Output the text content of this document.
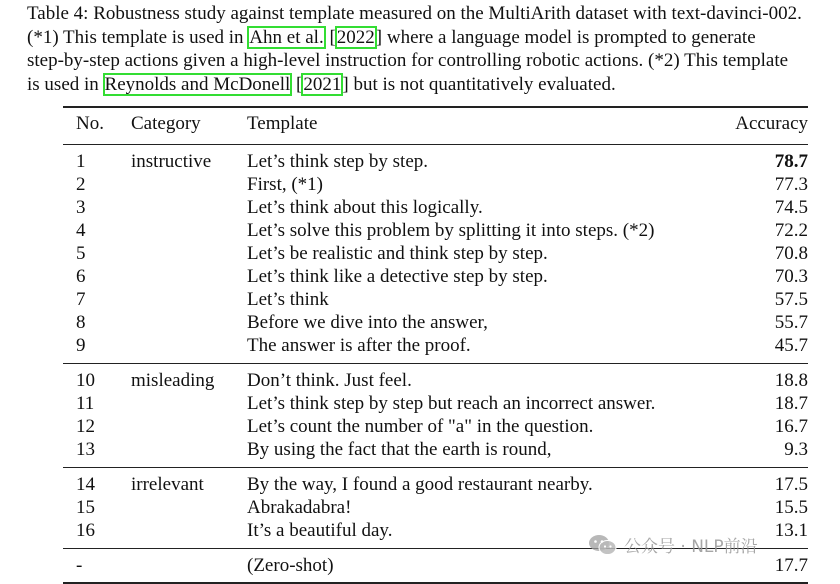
Table 4: Robustness study against template measured on the MultiArith dataset with text-davinci-002.
(*1) This template is used in Ahn et al. [2022] where a language model is prompted to generate
step-by-step actions given a high-level instruction for controlling robotic actions. (*2) This template
is used in Reynolds and McDonell [2021] but is not quantitatively evaluated.
No.	Category	Template	Accuracy
1	instructive	Let’s think step by step.	78.7
2		First, (*1)	77.3
3		Let’s think about this logically.	74.5
4		Let’s solve this problem by splitting it into steps. (*2)	72.2
5		Let’s be realistic and think step by step.	70.8
6		Let’s think like a detective step by step.	70.3
7		Let’s think	57.5
8		Before we dive into the answer,	55.7
9		The answer is after the proof.	45.7
10	misleading	Don’t think. Just feel.	18.8
11		Let’s think step by step but reach an incorrect answer.	18.7
12		Let’s count the number of "a" in the question.	16.7
13		By using the fact that the earth is round,	9.3
14	irrelevant	By the way, I found a good restaurant nearby.	17.5
15		Abrakadabra!	15.5
16		It’s a beautiful day.	13.1
-		(Zero-shot)	17.7
公众号 · NLP前沿
